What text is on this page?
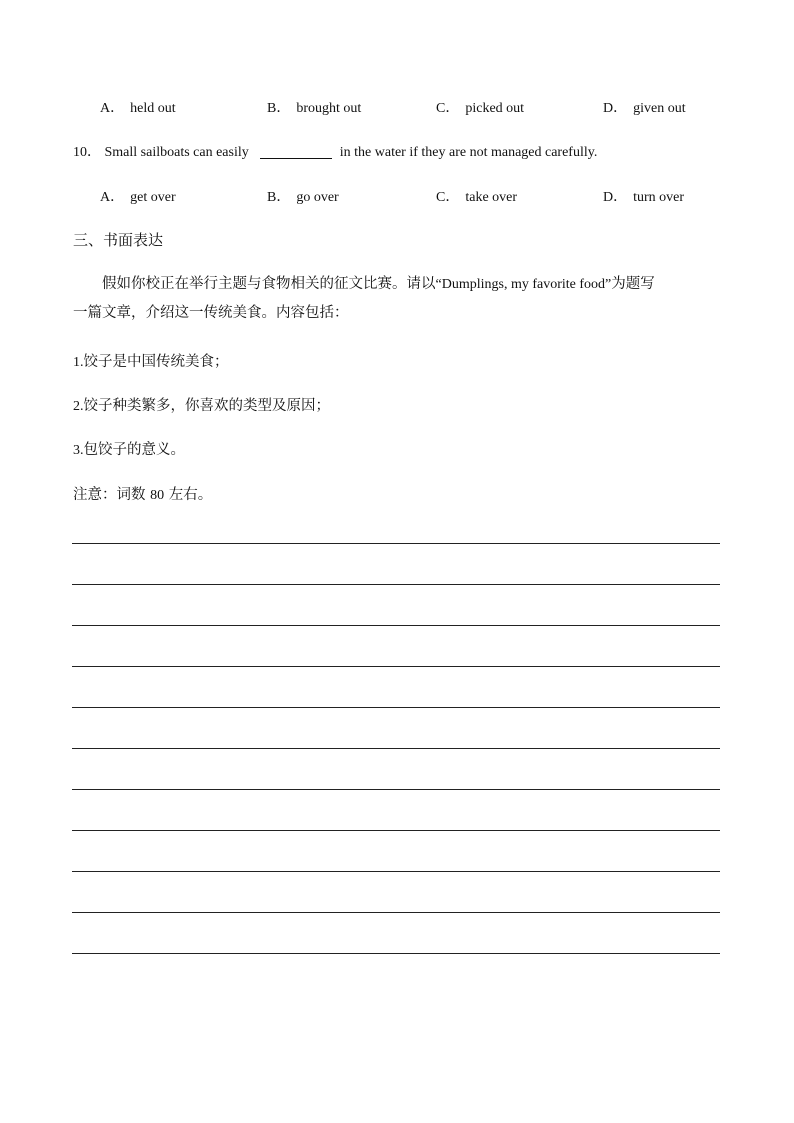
A． held out	B． brought out	C． picked out	D． given out
10． Small sailboats can easily	in the water if they are not managed carefully.
A． get over	B． go over	C． take over	D． turn over
三、书面表达

假如你校正在举行主题与食物相关的征文比赛。请以“Dumplings, my favorite food”为题写

一篇文章，介绍这一传统美食。内容包括：

1.饺子是中国传统美食；
2.饺子种类繁多，你喜欢的类型及原因；
3.包饺子的意义。
注意：词数 80 左右。
